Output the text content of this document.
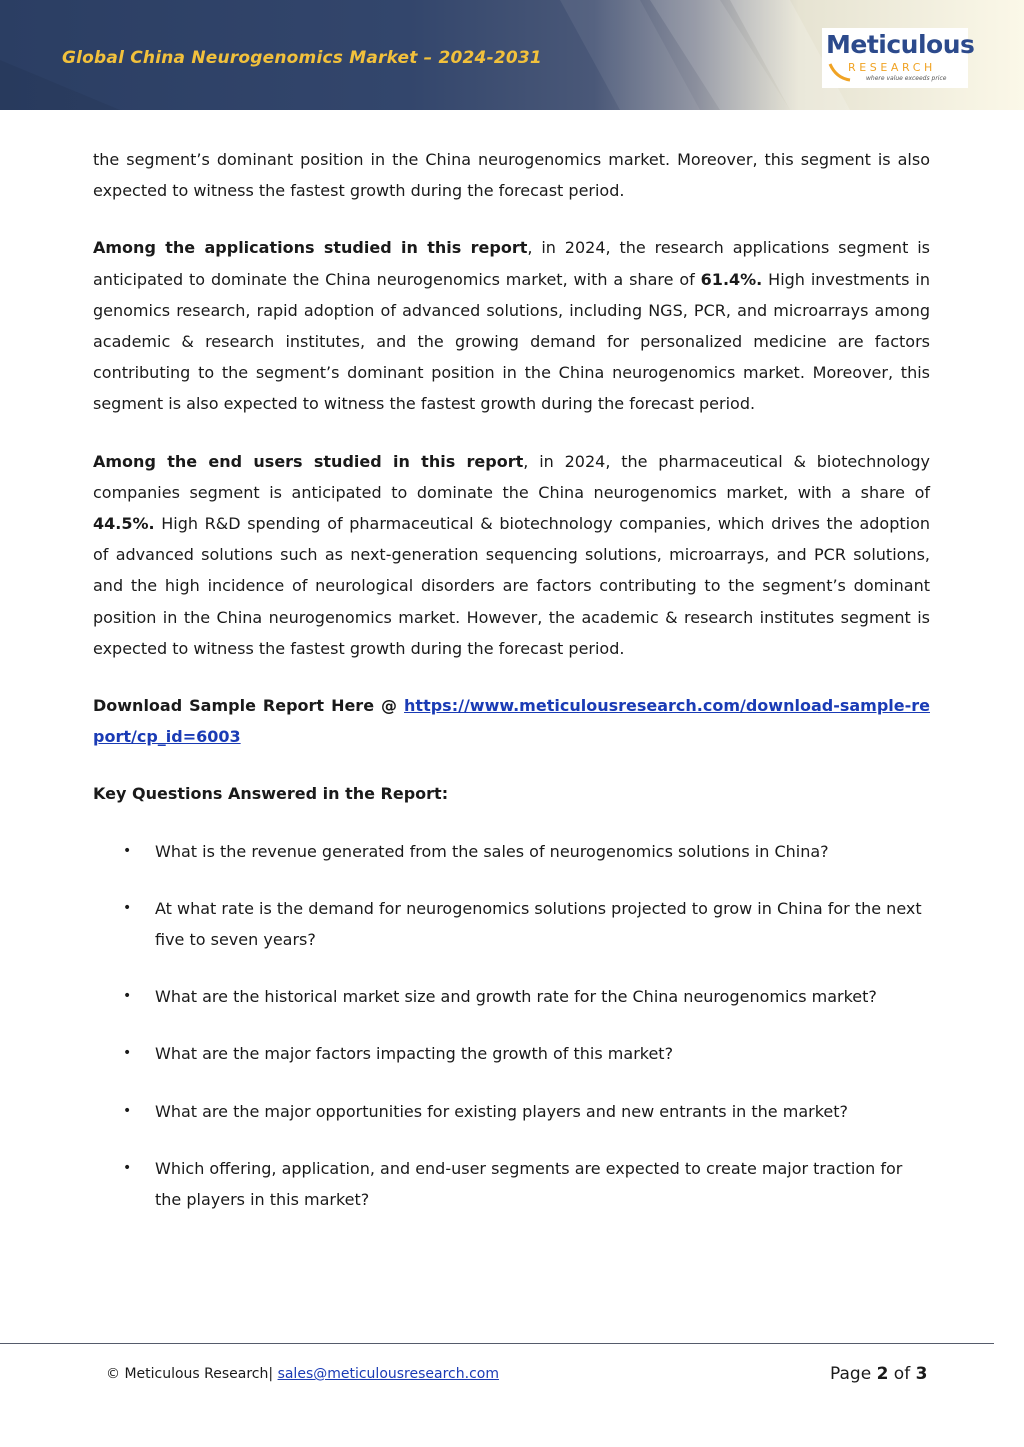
Global China Neurogenomics Market – 2024-2031	Meticulous
RESEARCH
where value exceeds price

the segment’s dominant position in the China neurogenomics market. Moreover, this segment is also expected to witness the fastest growth during the forecast period.

Among the applications studied in this report, in 2024, the research applications segment is anticipated to dominate the China neurogenomics market, with a share of 61.4%. High investments in genomics research, rapid adoption of advanced solutions, including NGS, PCR, and microarrays among academic & research institutes, and the growing demand for personalized medicine are factors contributing to the segment’s dominant position in the China neurogenomics market. Moreover, this segment is also expected to witness the fastest growth during the forecast period.

Among the end users studied in this report, in 2024, the pharmaceutical & biotechnology companies segment is anticipated to dominate the China neurogenomics market, with a share of 44.5%. High R&D spending of pharmaceutical & biotechnology companies, which drives the adoption of advanced solutions such as next-generation sequencing solutions, microarrays, and PCR solutions, and the high incidence of neurological disorders are factors contributing to the segment’s dominant position in the China neurogenomics market. However, the academic & research institutes segment is expected to witness the fastest growth during the forecast period.

Download Sample Report Here @ https://www.meticulousresearch.com/download-sample-report/cp_id=6003

Key Questions Answered in the Report:
• What is the revenue generated from the sales of neurogenomics solutions in China?
• At what rate is the demand for neurogenomics solutions projected to grow in China for the next five to seven years?
• What are the historical market size and growth rate for the China neurogenomics market?
• What are the major factors impacting the growth of this market?
• What are the major opportunities for existing players and new entrants in the market?
• Which offering, application, and end-user segments are expected to create major traction for the players in this market?
© Meticulous Research| sales@meticulousresearch.com	Page 2 of 3
